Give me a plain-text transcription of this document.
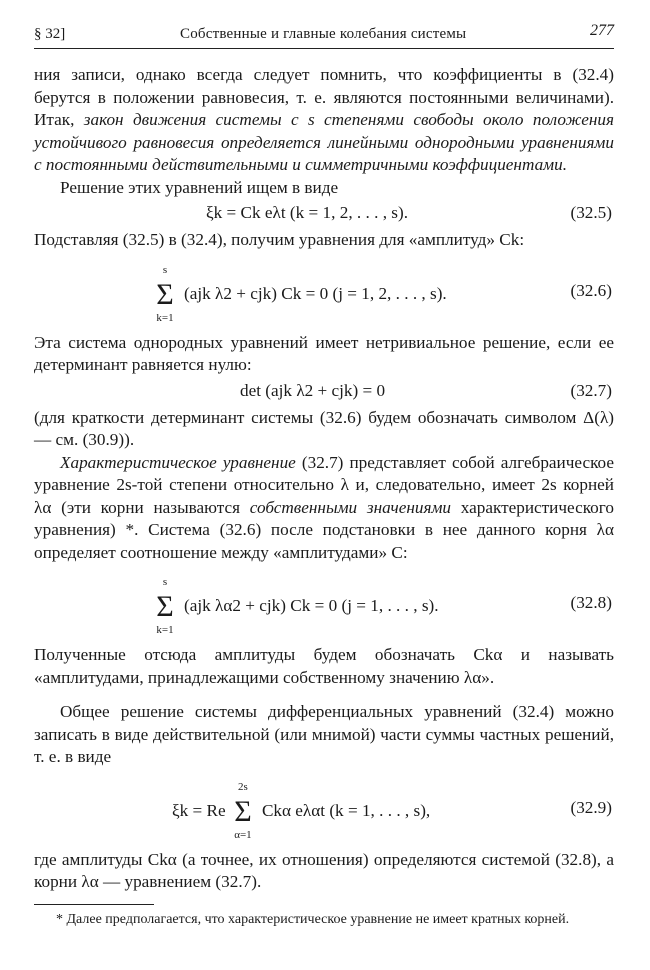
§ 32]	Собственные и главные колебания системы	277

ния записи, однако всегда следует помнить, что коэффициенты в (32.4) берутся в положении равновесия, т. е. являются постоянными величинами). Итак, закон движения системы с s степенями свободы около положения устойчивого равновесия определяется линейными однородными уравнениями с постоянными действительными и симметричными коэффициентами.

Решение этих уравнений ищем в виде

ξk = Ck eλt (k = 1, 2, . . . , s).	(32.5)

Подставляя (32.5) в (32.4), получим уравнения для «амплитуд» Ck:

s
Σ
k=1
(ajk λ2 + cjk) Ck = 0 (j = 1, 2, . . . , s).	(32.6)

Эта система однородных уравнений имеет нетривиальное решение, если ее детерминант равняется нулю:

det (ajk λ2 + cjk) = 0	(32.7)

(для краткости детерминант системы (32.6) будем обозначать символом Δ(λ) — см. (30.9)).

Характеристическое уравнение (32.7) представляет собой алгебраическое уравнение 2s-той степени относительно λ и, следовательно, имеет 2s корней λα (эти корни называются собственными значениями характеристического уравнения) *. Система (32.6) после подстановки в нее данного корня λα определяет соотношение между «амплитудами» C:

s
Σ
k=1
(ajk λα2 + cjk) Ck = 0 (j = 1, . . . , s).	(32.8)

Полученные отсюда амплитуды будем обозначать Ckα и называть «амплитудами, принадлежащими собственному значению λα».

Общее решение системы дифференциальных уравнений (32.4) можно записать в виде действительной (или мнимой) части суммы частных решений, т. е. в виде

ξk = Re
2s
Σ
α=1
Ckα eλαt (k = 1, . . . , s),	(32.9)

где амплитуды Ckα (а точнее, их отношения) определяются системой (32.8), а корни λα — уравнением (32.7).

* Далее предполагается, что характеристическое уравнение не имеет кратных корней.
